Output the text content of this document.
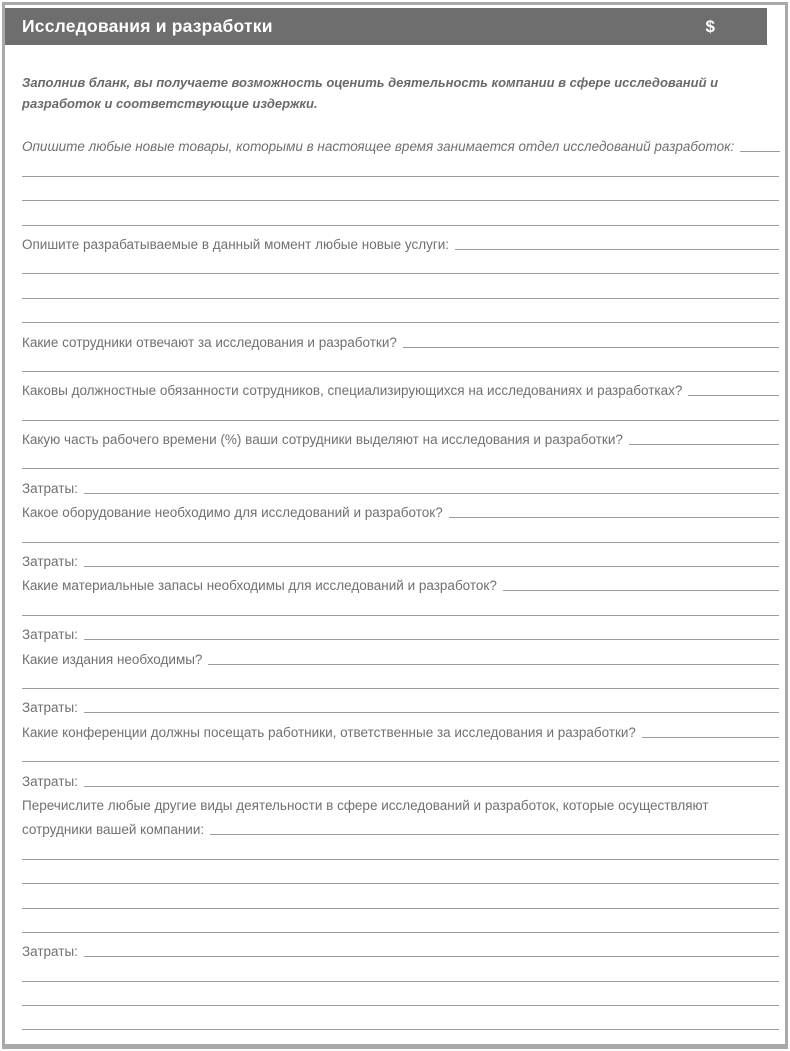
Исследования и разработки	$

Заполнив бланк, вы получаете возможность оценить деятельность компании в сфере исследований и разработок и соответствующие издержки.

Опишите любые новые товары, которыми в настоящее время занимается отдел исследований разработок:
Опишите разрабатываемые в данный момент любые новые услуги:
Какие сотрудники отвечают за исследования и разработки?
Каковы должностные обязанности сотрудников, специализирующихся на исследованиях и разработках?
Какую часть рабочего времени (%) ваши сотрудники выделяют на исследования и разработки?
Затраты:
Какое оборудование необходимо для исследований и разработок?
Затраты:
Какие материальные запасы необходимы для исследований и разработок?
Затраты:
Какие издания необходимы?
Затраты:
Какие конференции должны посещать работники, ответственные за исследования и разработки?
Затраты:
Перечислите любые другие виды деятельности в сфере исследований и разработок, которые осуществляют
сотрудники вашей компании:
Затраты:
